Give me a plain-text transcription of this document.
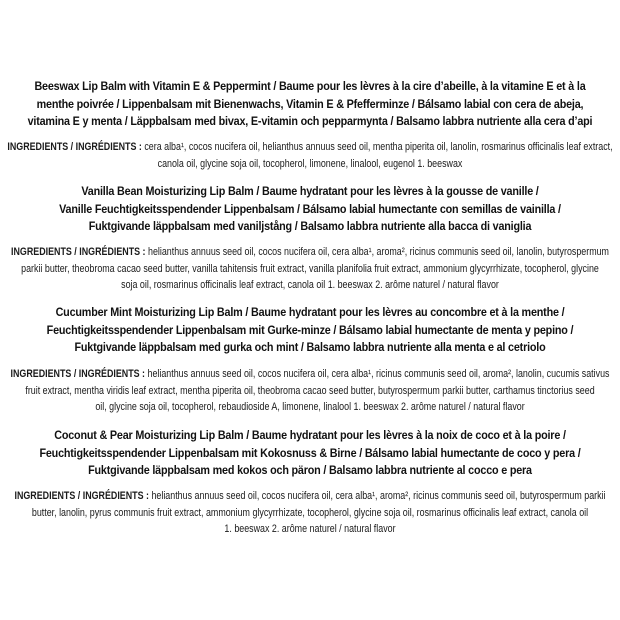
Beeswax Lip Balm with Vitamin E & Peppermint / Baume pour les lèvres à la cire d’abeille, à la vitamine E et à la
menthe poivrée / Lippenbalsam mit Bienenwachs, Vitamin E & Pfefferminze / Bálsamo labial con cera de abeja,
vitamina E y menta / Läppbalsam med bivax, E-vitamin och pepparmynta / Balsamo labbra nutriente alla cera d’api
INGREDIENTS / INGRÉDIENTS : cera alba¹, cocos nucifera oil, helianthus annuus seed oil, mentha piperita oil, lanolin, rosmarinus officinalis leaf extract,
canola oil, glycine soja oil, tocopherol, limonene, linalool, eugenol 1. beeswax
Vanilla Bean Moisturizing Lip Balm / Baume hydratant pour les lèvres à la gousse de vanille /
Vanille Feuchtigkeitsspendender Lippenbalsam / Bálsamo labial humectante con semillas de vainilla /
Fuktgivande läppbalsam med vaniljstång / Balsamo labbra nutriente alla bacca di vaniglia
INGREDIENTS / INGRÉDIENTS : helianthus annuus seed oil, cocos nucifera oil, cera alba¹, aroma², ricinus communis seed oil, lanolin, butyrospermum
parkii butter, theobroma cacao seed butter, vanilla tahitensis fruit extract, vanilla planifolia fruit extract, ammonium glycyrrhizate, tocopherol, glycine
soja oil, rosmarinus officinalis leaf extract, canola oil 1. beeswax 2. arôme naturel / natural flavor
Cucumber Mint Moisturizing Lip Balm / Baume hydratant pour les lèvres au concombre et à la menthe /
Feuchtigkeitsspendender Lippenbalsam mit Gurke-minze / Bálsamo labial humectante de menta y pepino /
Fuktgivande läppbalsam med gurka och mint / Balsamo labbra nutriente alla menta e al cetriolo
INGREDIENTS / INGRÉDIENTS : helianthus annuus seed oil, cocos nucifera oil, cera alba¹, ricinus communis seed oil, aroma², lanolin, cucumis sativus
fruit extract, mentha viridis leaf extract, mentha piperita oil, theobroma cacao seed butter, butyrospermum parkii butter, carthamus tinctorius seed
oil, glycine soja oil, tocopherol, rebaudioside A, limonene, linalool 1. beeswax 2. arôme naturel / natural flavor
Coconut & Pear Moisturizing Lip Balm / Baume hydratant pour les lèvres à la noix de coco et à la poire /
Feuchtigkeitsspendender Lippenbalsam mit Kokosnuss & Birne / Bálsamo labial humectante de coco y pera /
Fuktgivande läppbalsam med kokos och päron / Balsamo labbra nutriente al cocco e pera
INGREDIENTS / INGRÉDIENTS : helianthus annuus seed oil, cocos nucifera oil, cera alba¹, aroma², ricinus communis seed oil, butyrospermum parkii
butter, lanolin, pyrus communis fruit extract, ammonium glycyrrhizate, tocopherol, glycine soja oil, rosmarinus officinalis leaf extract, canola oil
1. beeswax 2. arôme naturel / natural flavor
